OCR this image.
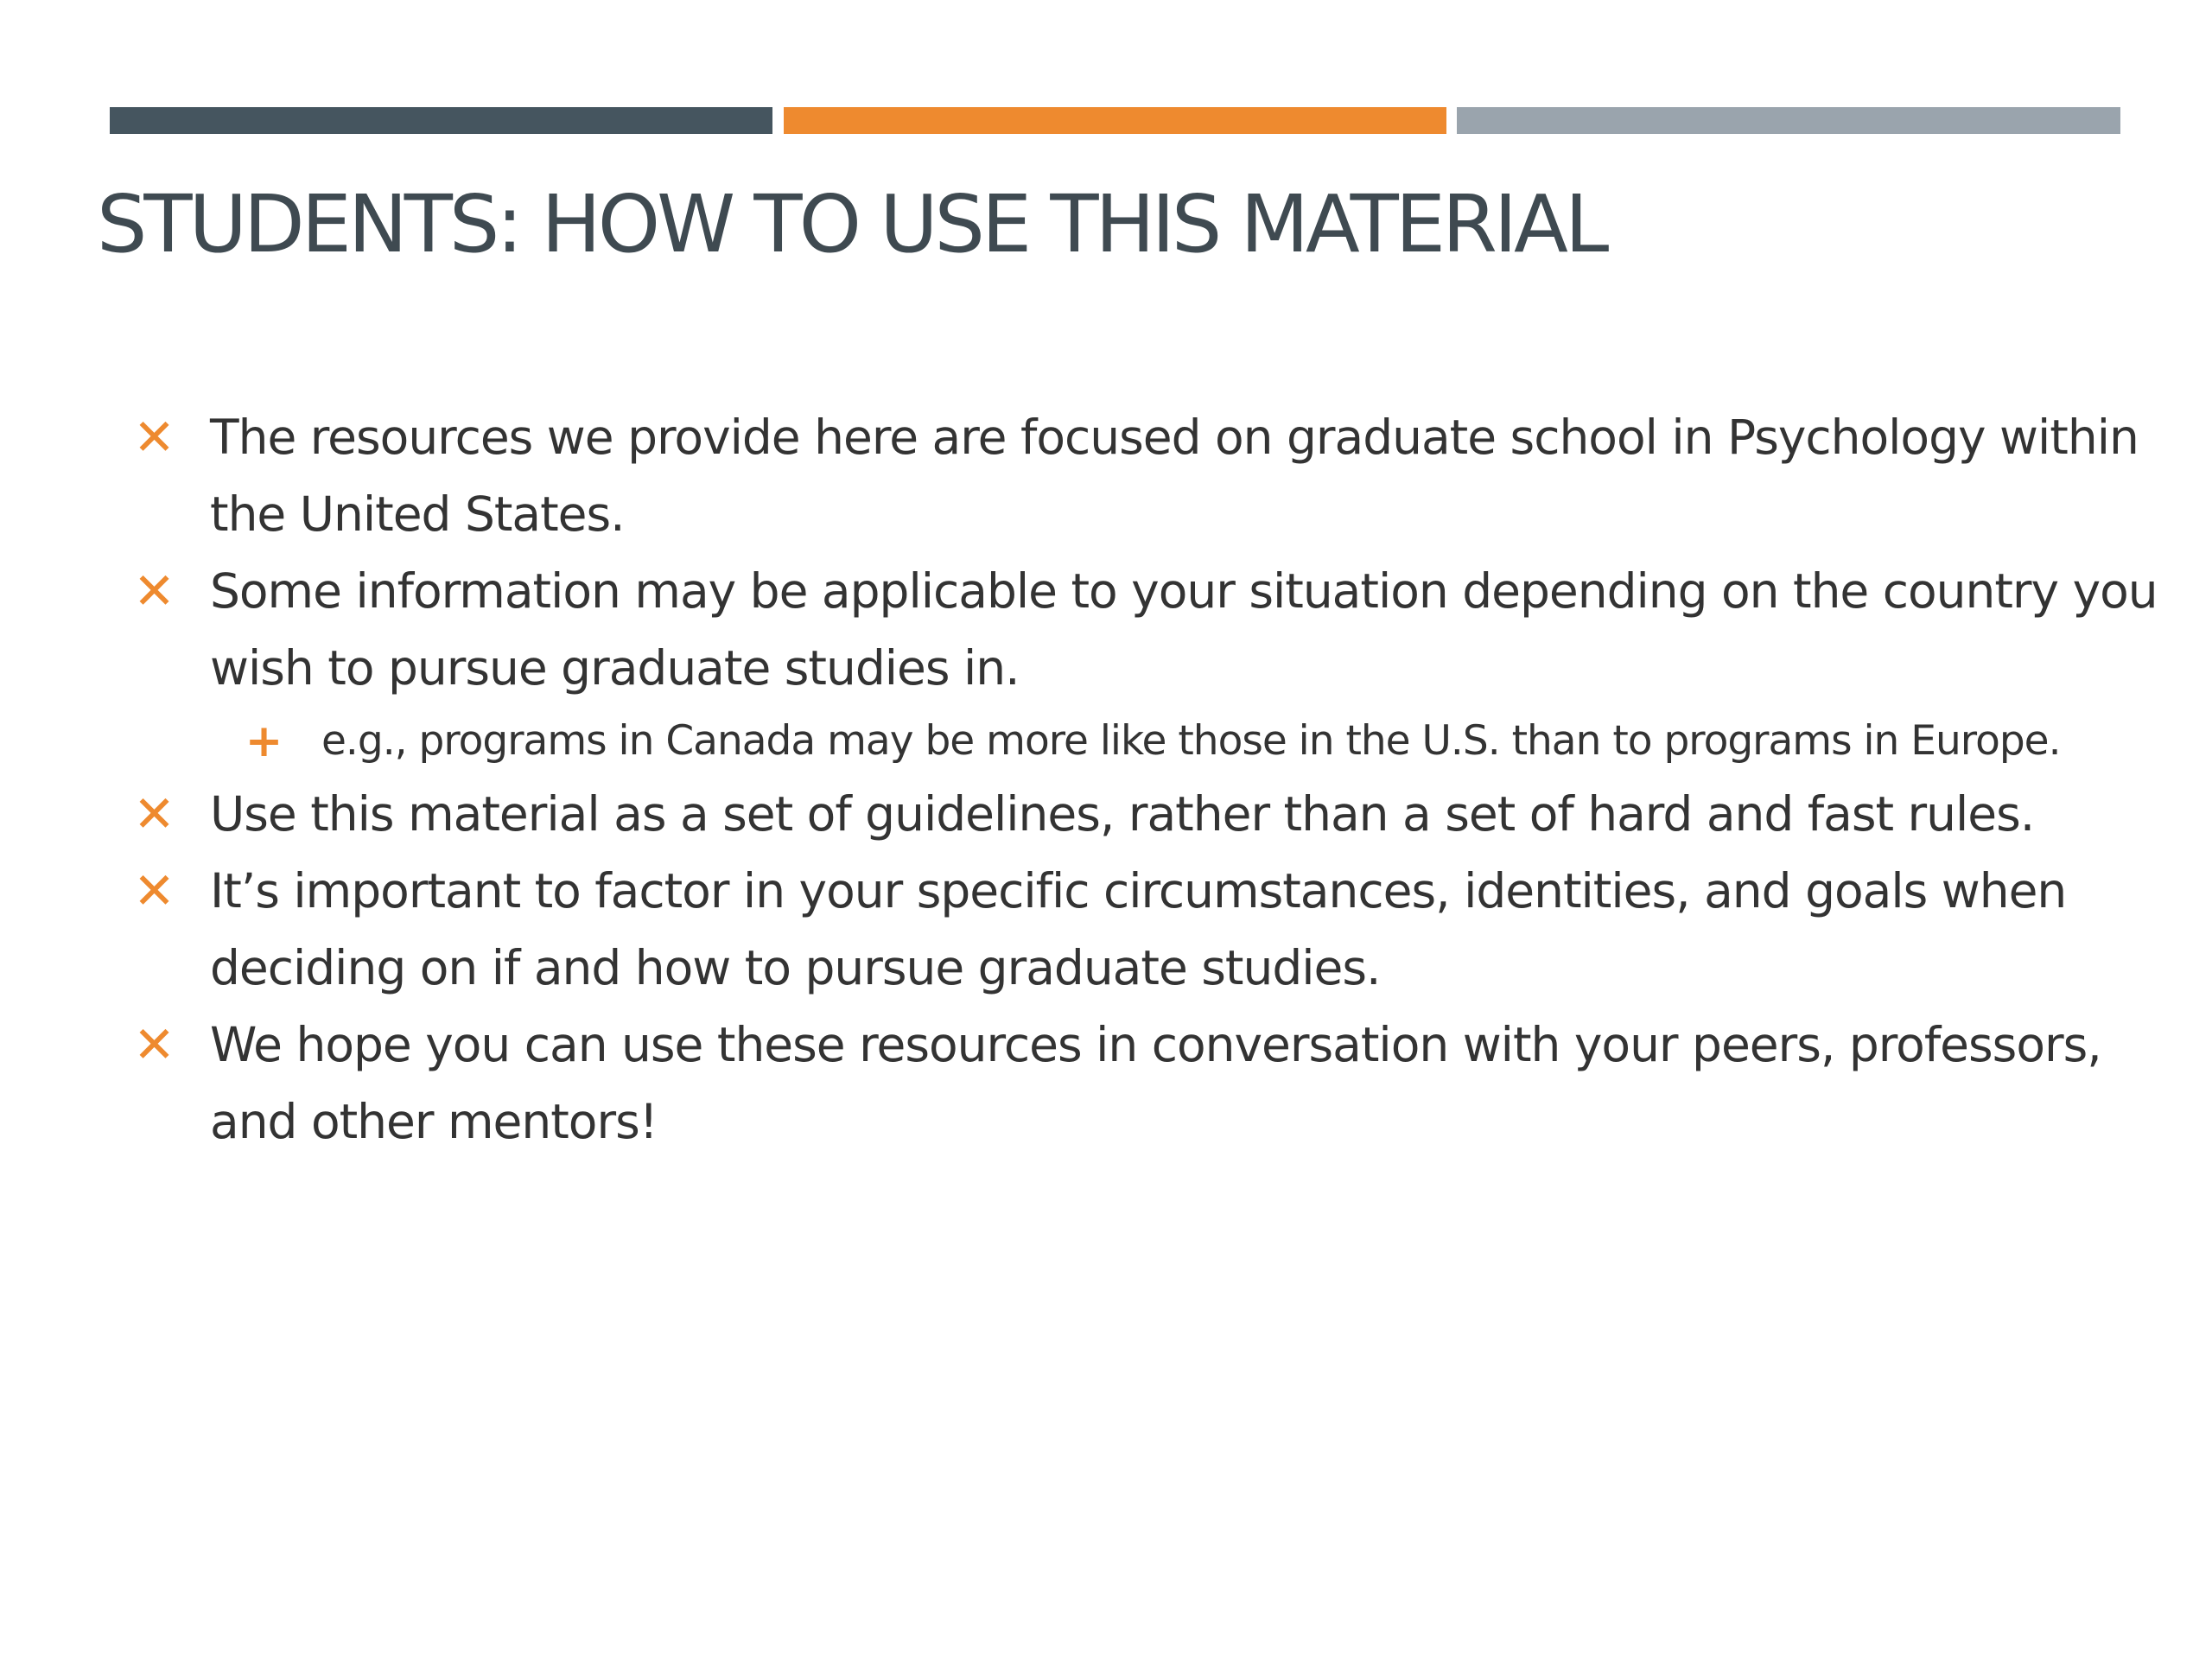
STUDENTS: HOW TO USE THIS MATERIAL
✕ The resources we provide here are focused on graduate school in Psychology within
the United States.
✕ Some information may be applicable to your situation depending on the country you
wish to pursue graduate studies in.
+ e.g., programs in Canada may be more like those in the U.S. than to programs in Europe.
✕ Use this material as a set of guidelines, rather than a set of hard and fast rules.
✕ It’s important to factor in your specific circumstances, identities, and goals when
deciding on if and how to pursue graduate studies.
✕ We hope you can use these resources in conversation with your peers, professors,
and other mentors!
